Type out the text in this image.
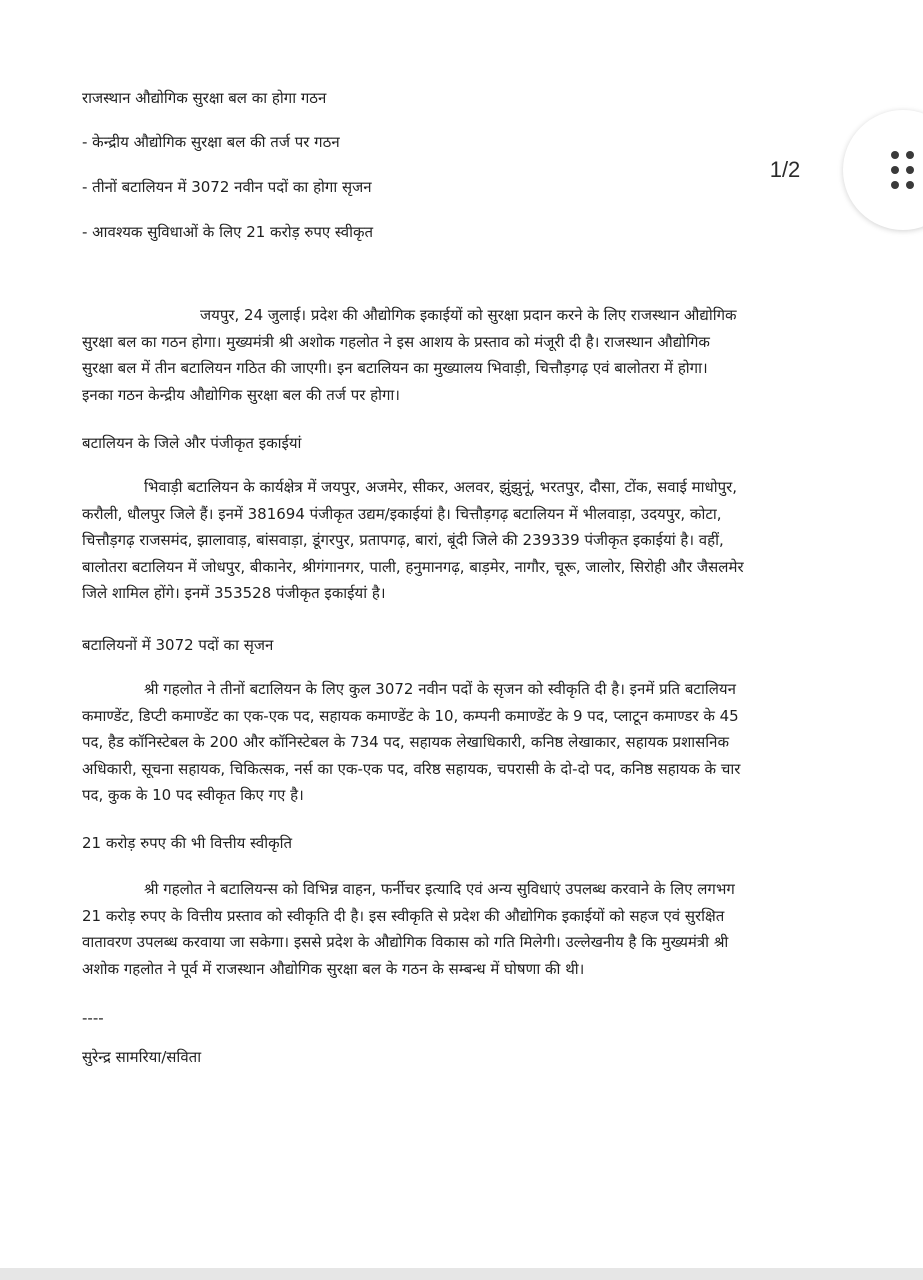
राजस्थान औद्योगिक सुरक्षा बल का होगा गठन
- केन्द्रीय औद्योगिक सुरक्षा बल की तर्ज पर गठन
- तीनों बटालियन में 3072 नवीन पदों का होगा सृजन
- आवश्यक सुविधाओं के लिए 21 करोड़ रुपए स्वीकृत
जयपुर, 24 जुलाई। प्रदेश की औद्योगिक इकाईयों को सुरक्षा प्रदान करने के लिए राजस्थान औद्योगिक
सुरक्षा बल का गठन होगा। मुख्यमंत्री श्री अशोक गहलोत ने इस आशय के प्रस्ताव को मंजूरी दी है। राजस्थान औद्योगिक
सुरक्षा बल में तीन बटालियन गठित की जाएगी। इन बटालियन का मुख्यालय भिवाड़ी, चित्तौड़गढ़ एवं बालोतरा में होगा।
इनका गठन केन्द्रीय औद्योगिक सुरक्षा बल की तर्ज पर होगा।
बटालियन के जिले और पंजीकृत इकाईयां
भिवाड़ी बटालियन के कार्यक्षेत्र में जयपुर, अजमेर, सीकर, अलवर, झुंझुनूं, भरतपुर, दौसा, टोंक, सवाई माधोपुर,
करौली, धौलपुर जिले हैं। इनमें 381694 पंजीकृत उद्यम/इकाईयां है। चित्तौड़गढ़ बटालियन में भीलवाड़ा, उदयपुर, कोटा,
चित्तौड़गढ़ राजसमंद, झालावाड़, बांसवाड़ा, डूंगरपुर, प्रतापगढ़, बारां, बूंदी जिले की 239339 पंजीकृत इकाईयां है। वहीं,
बालोतरा बटालियन में जोधपुर, बीकानेर, श्रीगंगानगर, पाली, हनुमानगढ़, बाड़मेर, नागौर, चूरू, जालोर, सिरोही और जैसलमेर
जिले शामिल होंगे। इनमें 353528 पंजीकृत इकाईयां है।
बटालियनों में 3072 पदों का सृजन
श्री गहलोत ने तीनों बटालियन के लिए कुल 3072 नवीन पदों के सृजन को स्वीकृति दी है। इनमें प्रति बटालियन
कमाण्डेंट, डिप्टी कमाण्डेंट का एक-एक पद, सहायक कमाण्डेंट के 10, कम्पनी कमाण्डेंट के 9 पद, प्लाटून कमाण्डर के 45
पद, हैड कॉनिस्टेबल के 200 और कॉनिस्टेबल के 734 पद, सहायक लेखाधिकारी, कनिष्ठ लेखाकार, सहायक प्रशासनिक
अधिकारी, सूचना सहायक, चिकित्सक, नर्स का एक-एक पद, वरिष्ठ सहायक, चपरासी के दो-दो पद, कनिष्ठ सहायक के चार
पद, कुक के 10 पद स्वीकृत किए गए है।
21 करोड़ रुपए की भी वित्तीय स्वीकृति
श्री गहलोत ने बटालियन्स को विभिन्न वाहन, फर्नीचर इत्यादि एवं अन्य सुविधाएं उपलब्ध करवाने के लिए लगभग
21 करोड़ रुपए के वित्तीय प्रस्ताव को स्वीकृति दी है। इस स्वीकृति से प्रदेश की औद्योगिक इकाईयों को सहज एवं सुरक्षित
वातावरण उपलब्ध करवाया जा सकेगा। इससे प्रदेश के औद्योगिक विकास को गति मिलेगी। उल्लेखनीय है कि मुख्यमंत्री श्री
अशोक गहलोत ने पूर्व में राजस्थान औद्योगिक सुरक्षा बल के गठन के सम्बन्ध में घोषणा की थी।
----
सुरेन्द्र सामरिया/सविता
1/2
